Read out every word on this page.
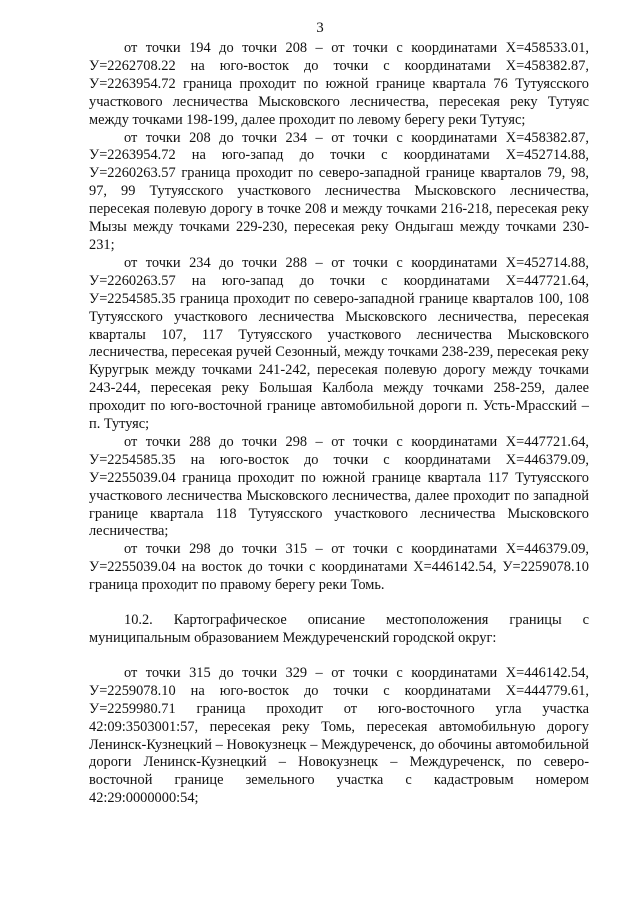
3

от точки 194 до точки 208 – от точки с координатами Х=458533.01, У=2262708.22 на юго-восток до точки с координатами Х=458382.87, У=2263954.72 граница проходит по южной границе квартала 76 Тутуясского участкового лесничества Мысковского лесничества, пересекая реку Тутуяс между точками 198-199, далее проходит по левому берегу реки Тутуяс;

от точки 208 до точки 234 – от точки с координатами Х=458382.87, У=2263954.72 на юго-запад до точки с координатами Х=452714.88, У=2260263.57 граница проходит по северо-западной границе кварталов 79, 98, 97, 99 Тутуясского участкового лесничества Мысковского лесничества, пересекая полевую дорогу в точке 208 и между точками 216-218, пересекая реку Мызы между точками 229-230, пересекая реку Ондыгаш между точками 230-231;

от точки 234 до точки 288 – от точки с координатами Х=452714.88, У=2260263.57 на юго-запад до точки с координатами Х=447721.64, У=2254585.35 граница проходит по северо-западной границе кварталов 100, 108 Тутуясского участкового лесничества Мысковского лесничества, пересекая кварталы 107, 117 Тутуясского участкового лесничества Мысковского лесничества, пересекая ручей Сезонный, между точками 238-239, пересекая реку Куругрык между точками 241-242, пересекая полевую дорогу между точками 243-244, пересекая реку Большая Калбола между точками 258-259, далее проходит по юго-восточной границе автомобильной дороги п. Усть-Мрасский – п. Тутуяс;

от точки 288 до точки 298 – от точки с координатами Х=447721.64, У=2254585.35 на юго-восток до точки с координатами Х=446379.09, У=2255039.04 граница проходит по южной границе квартала 117 Тутуясского участкового лесничества Мысковского лесничества, далее проходит по западной границе квартала 118 Тутуясского участкового лесничества Мысковского лесничества;

от точки 298 до точки 315 – от точки с координатами Х=446379.09, У=2255039.04 на восток до точки с координатами Х=446142.54, У=2259078.10 граница проходит по правому берегу реки Томь.

10.2. Картографическое описание местоположения границы с муниципальным образованием Междуреченский городской округ:

от точки 315 до точки 329 – от точки с координатами Х=446142.54, У=2259078.10 на юго-восток до точки с координатами Х=444779.61, У=2259980.71 граница проходит от юго-восточного угла участка 42:09:3503001:57, пересекая реку Томь, пересекая автомобильную дорогу Ленинск-Кузнецкий – Новокузнецк – Междуреченск, до обочины автомобильной дороги Ленинск-Кузнецкий – Новокузнецк – Междуреченск, по северо-восточной границе земельного участка с кадастровым номером 42:29:0000000:54;
